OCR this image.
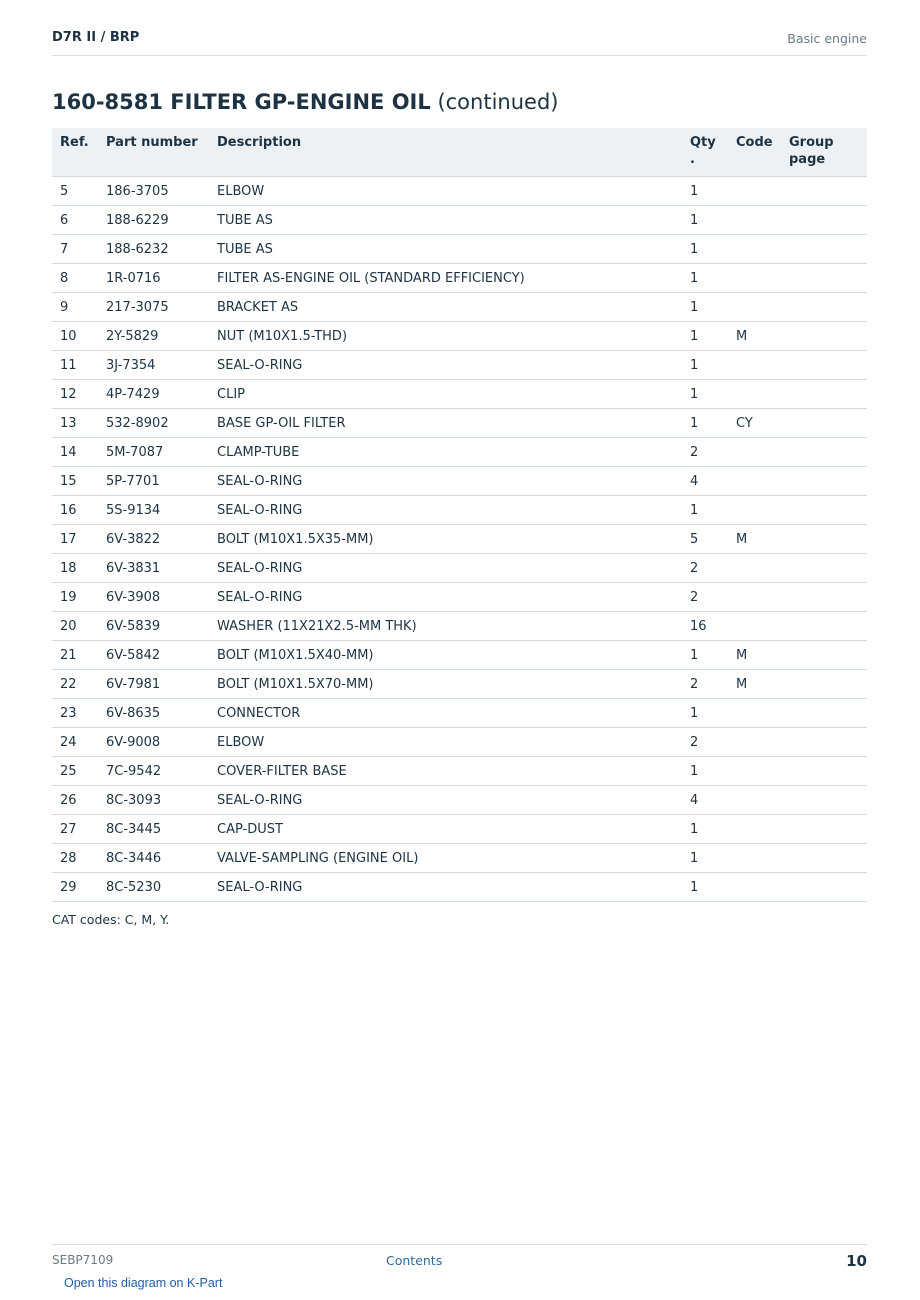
D7R II / BRP	Basic engine
160-8581 FILTER GP-ENGINE OIL (continued)
Ref.	Part number	Description	Qty .	Code	Group page
5	186-3705	ELBOW	1		
6	188-6229	TUBE AS	1		
7	188-6232	TUBE AS	1		
8	1R-0716	FILTER AS-ENGINE OIL (STANDARD EFFICIENCY)	1		
9	217-3075	BRACKET AS	1		
10	2Y-5829	NUT (M10X1.5-THD)	1	M	
11	3J-7354	SEAL-O-RING	1		
12	4P-7429	CLIP	1		
13	532-8902	BASE GP-OIL FILTER	1	CY	
14	5M-7087	CLAMP-TUBE	2		
15	5P-7701	SEAL-O-RING	4		
16	5S-9134	SEAL-O-RING	1		
17	6V-3822	BOLT (M10X1.5X35-MM)	5	M	
18	6V-3831	SEAL-O-RING	2		
19	6V-3908	SEAL-O-RING	2		
20	6V-5839	WASHER (11X21X2.5-MM THK)	16		
21	6V-5842	BOLT (M10X1.5X40-MM)	1	M	
22	6V-7981	BOLT (M10X1.5X70-MM)	2	M	
23	6V-8635	CONNECTOR	1		
24	6V-9008	ELBOW	2		
25	7C-9542	COVER-FILTER BASE	1		
26	8C-3093	SEAL-O-RING	4		
27	8C-3445	CAP-DUST	1		
28	8C-3446	VALVE-SAMPLING (ENGINE OIL)	1		
29	8C-5230	SEAL-O-RING	1		
CAT codes: C, M, Y.
SEBP7109	Contents	10
Open this diagram on K-Part
